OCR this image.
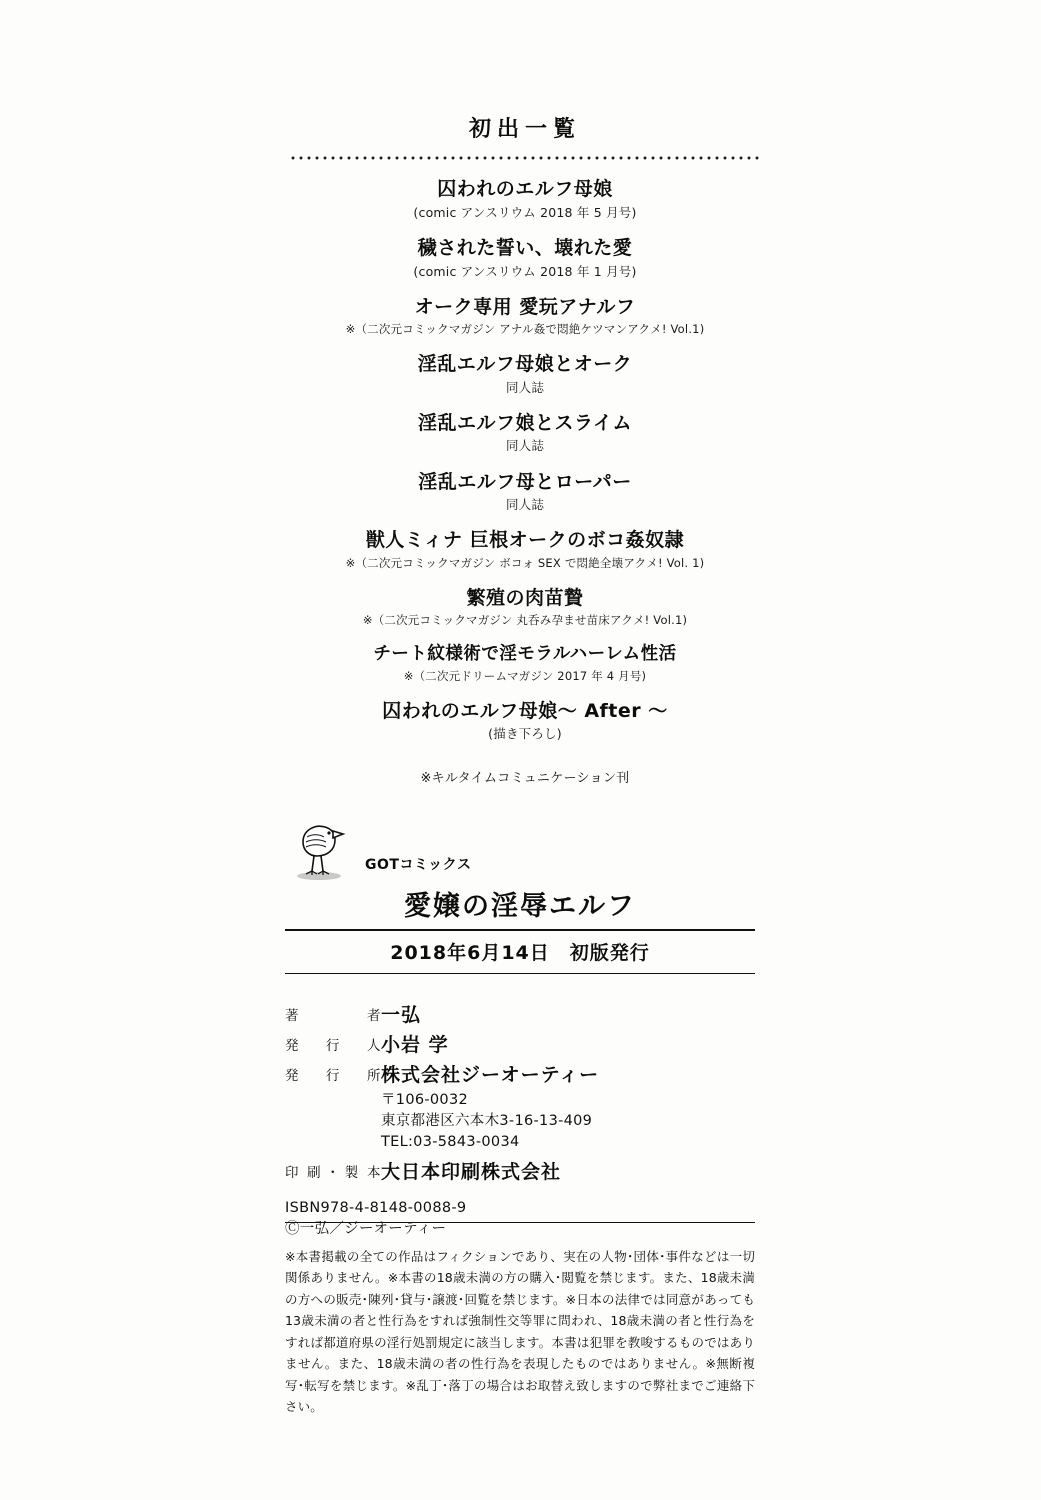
初出一覧
囚われのエルフ母娘
(comic アンスリウム 2018 年 5 月号)
穢された誓い、壊れた愛
(comic アンスリウム 2018 年 1 月号)
オーク専用 愛玩アナルフ
※（二次元コミックマガジン アナル姦で悶絶ケツマンアクメ! Vol.1)
淫乱エルフ母娘とオーク
同人誌
淫乱エルフ娘とスライム
同人誌
淫乱エルフ母とローパー
同人誌
獣人ミィナ 巨根オークのボコ姦奴隷
※（二次元コミックマガジン ボコォ SEX で悶絶全壊アクメ! Vol. 1)
繁殖の肉苗贄
※（二次元コミックマガジン 丸呑み孕ませ苗床アクメ! Vol.1)
チート紋様術で淫モラルハーレム性活
※（二次元ドリームマガジン 2017 年 4 月号)
囚われのエルフ母娘〜 After 〜
(描き下ろし)
※キルタイムコミュニケーション刊
GOTコミックス
愛嬢の淫辱エルフ
2018年6月14日　初版発行
著　者 一弘
発行人 小岩 学
発行所 株式会社ジーオーティー
〒106-0032
東京都港区六本木3-16-13-409
TEL:03-5843-0034
印刷･製本 大日本印刷株式会社
ISBN978-4-8148-0088-9
Ⓒ一弘／ジーオーティー

※本書掲載の全ての作品はフィクションであり、実在の人物･団体･事件などは一切関係ありません。※本書の18歳未満の方の購入･閲覧を禁じます。また、18歳未満の方への販売･陳列･貸与･譲渡･回覧を禁じます。※日本の法律では同意があっても13歳未満の者と性行為をすれば強制性交等罪に問われ、18歳未満の者と性行為をすれば都道府県の淫行処罰規定に該当します。本書は犯罪を教唆するものではありません。また、18歳未満の者の性行為を表現したものではありません。※無断複写･転写を禁じます。※乱丁･落丁の場合はお取替え致しますので弊社までご連絡下さい。
